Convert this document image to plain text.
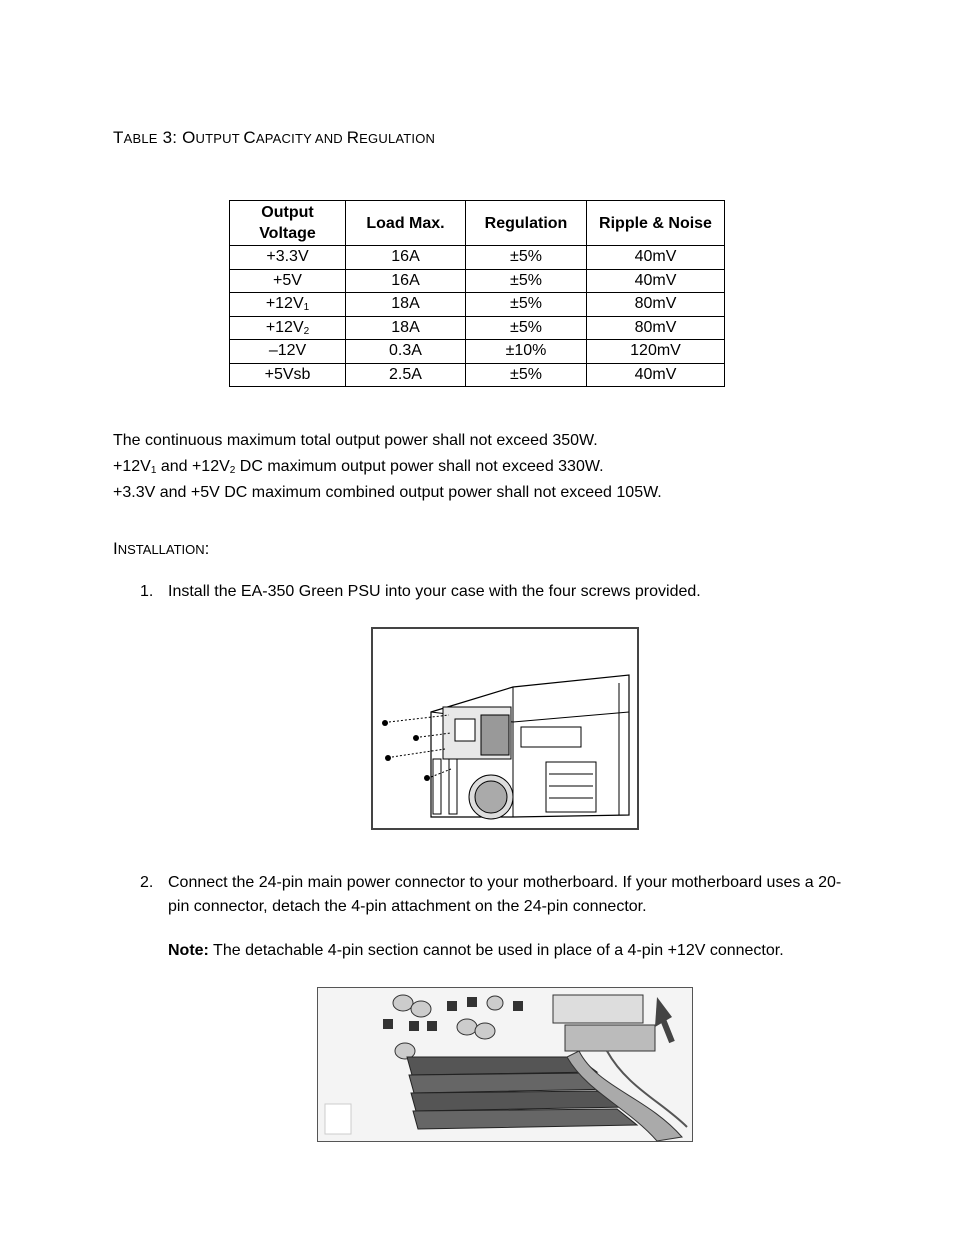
TABLE 3: OUTPUT CAPACITY AND REGULATION
Output Voltage	Load Max.	Regulation	Ripple & Noise
+3.3V	16A	±5%	40mV
+5V	16A	±5%	40mV
$+12V_1$	18A	±5%	80mV
$+12V_2$	18A	±5%	80mV
–12V	0.3A	±10%	120mV
+5Vsb	2.5A	±5%	40mV
The continuous maximum total output power shall not exceed 350W.
$+12V_1$ and $+12V_2$ DC maximum output power shall not exceed 330W.
+3.3V and +5V DC maximum combined output power shall not exceed 105W.
INSTALLATION:
1. Install the EA-350 Green PSU into your case with the four screws provided.
2. Connect the 24-pin main power connector to your motherboard. If your motherboard uses a 20-pin connector, detach the 4-pin attachment on the 24-pin connector.
Note: The detachable 4-pin section cannot be used in place of a 4-pin +12V connector.
